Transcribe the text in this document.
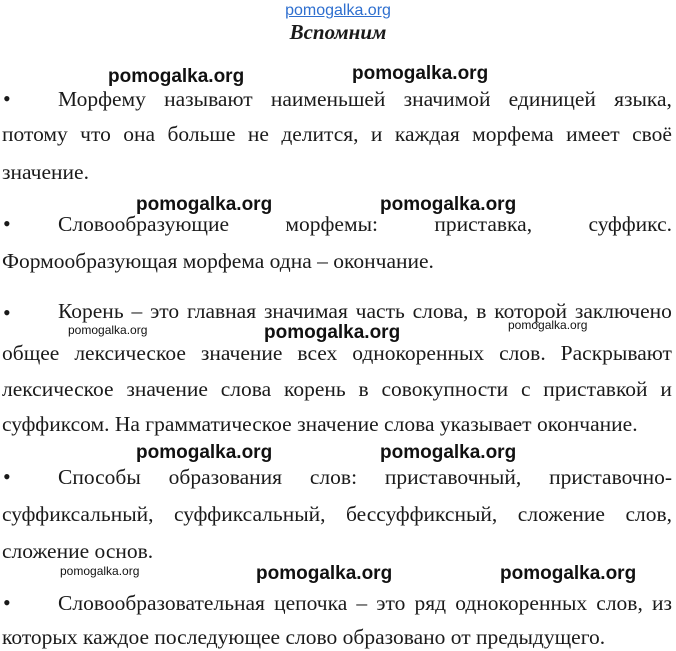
pomogalka.org
Вспомним
• Морфему называют наименьшей значимой единицей языка,
потому что она больше не делится, и каждая морфема имеет своё
значение.
• Словообразующие	морфемы:	приставка,	суффикс.
Формообразующая морфема одна – окончание.
• Корень – это главная значимая часть слова, в которой заключено
общее лексическое значение всех однокоренных слов. Раскрывают
лексическое значение слова корень в совокупности с приставкой и
суффиксом. На грамматическое значение слова указывает окончание.
• Способы образования слов: приставочный, приставочно-
суффиксальный, суффиксальный, бессуффиксный, сложение слов,
сложение основ.
• Словообразовательная цепочка – это ряд однокоренных слов, из
которых каждое последующее слово образовано от предыдущего.
pomogalka.org	pomogalka.org
pomogalka.org	pomogalka.org
pomogalka.org	pomogalka.org	pomogalka.org
pomogalka.org	pomogalka.org
pomogalka.org	pomogalka.org	pomogalka.org
